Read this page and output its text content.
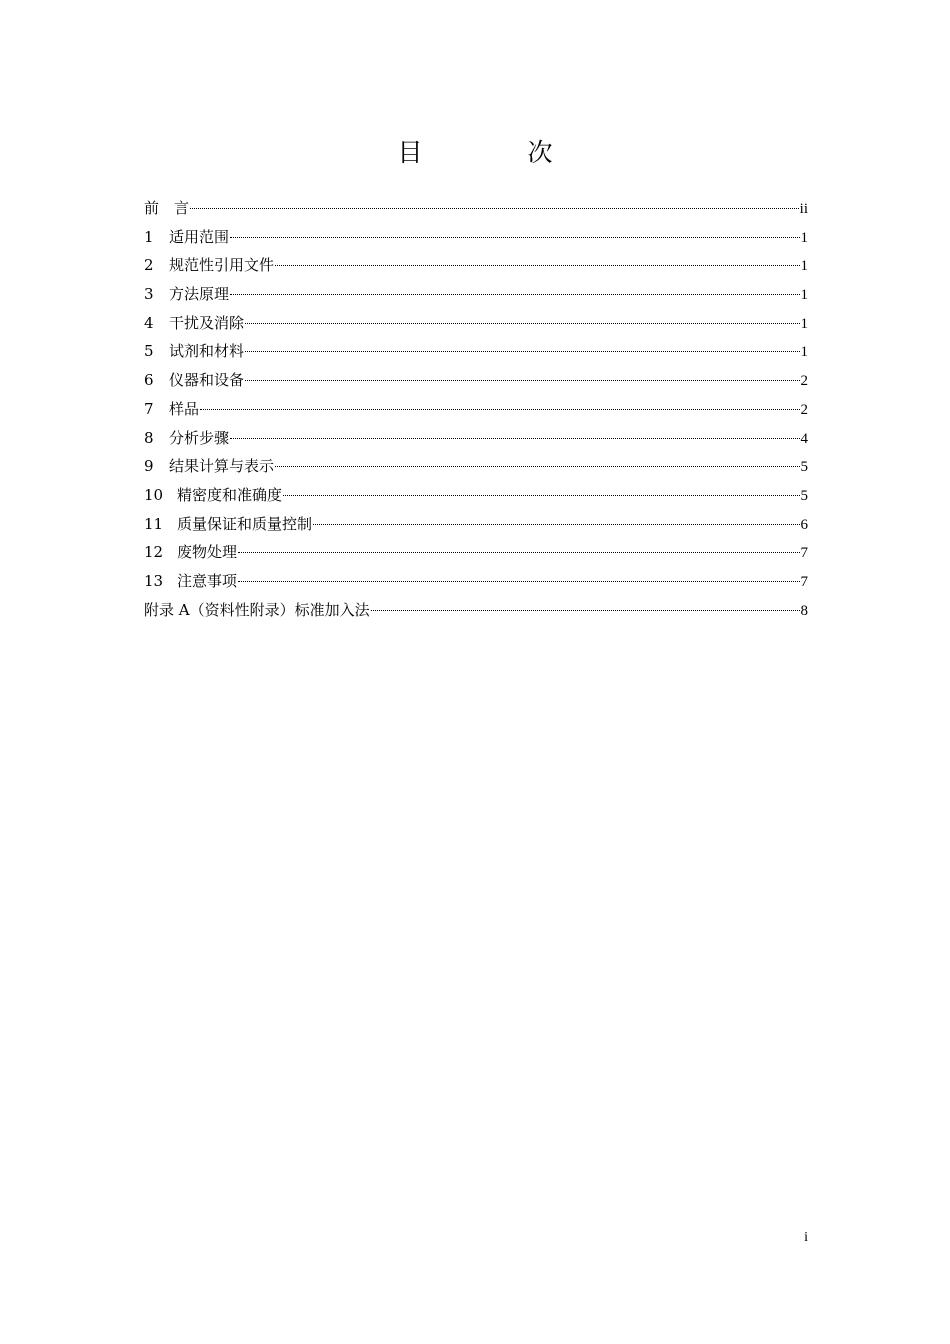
目　次
前　言	ii
1	适用范围	1
2	规范性引用文件	1
3	方法原理	1
4	干扰及消除	1
5	试剂和材料	1
6	仪器和设备	2
7	样品	2
8	分析步骤	4
9	结果计算与表示	5
10 精密度和准确度	5
11 质量保证和质量控制	6
12 废物处理	7
13 注意事项	7
附录 A（资料性附录）标准加入法	8
i
